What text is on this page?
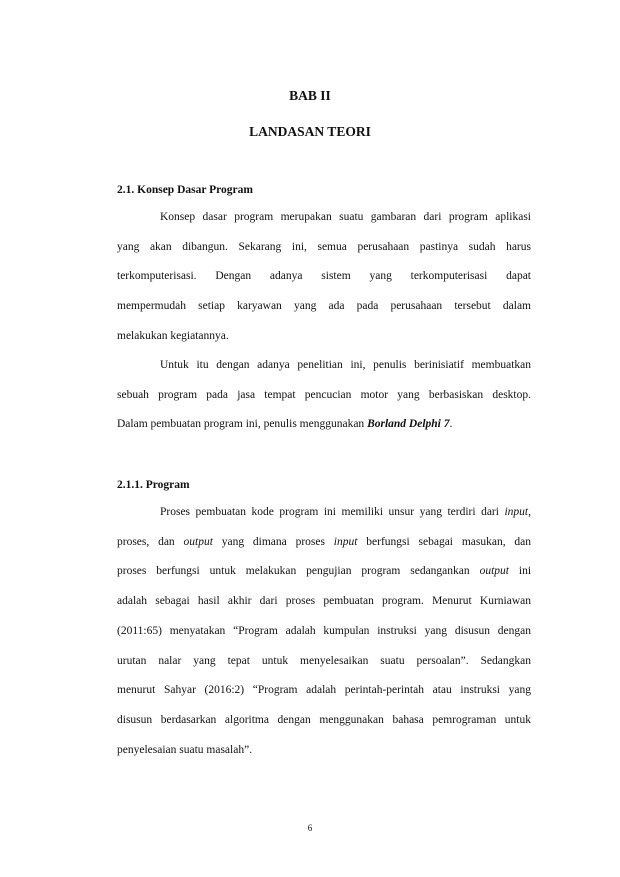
BAB II
LANDASAN TEORI
2.1. Konsep Dasar Program

Konsep dasar program merupakan suatu gambaran dari program aplikasi
yang akan dibangun. Sekarang ini, semua perusahaan pastinya sudah harus
terkomputerisasi. Dengan adanya sistem yang terkomputerisasi dapat
mempermudah setiap karyawan yang ada pada perusahaan tersebut dalam
melakukan kegiatannya.

Untuk itu dengan adanya penelitian ini, penulis berinisiatif membuatkan
sebuah program pada jasa tempat pencucian motor yang berbasiskan desktop.
Dalam pembuatan program ini, penulis menggunakan Borland Delphi 7.

2.1.1. Program

Proses pembuatan kode program ini memiliki unsur yang terdiri dari input,
proses, dan output yang dimana proses input berfungsi sebagai masukan, dan
proses berfungsi untuk melakukan pengujian program sedangankan output ini
adalah sebagai hasil akhir dari proses pembuatan program. Menurut Kurniawan
(2011:65) menyatakan “Program adalah kumpulan instruksi yang disusun dengan
urutan nalar yang tepat untuk menyelesaikan suatu persoalan”. Sedangkan
menurut Sahyar (2016:2) “Program adalah perintah-perintah atau instruksi yang
disusun berdasarkan algoritma dengan menggunakan bahasa pemrograman untuk
penyelesaian suatu masalah”.

6
